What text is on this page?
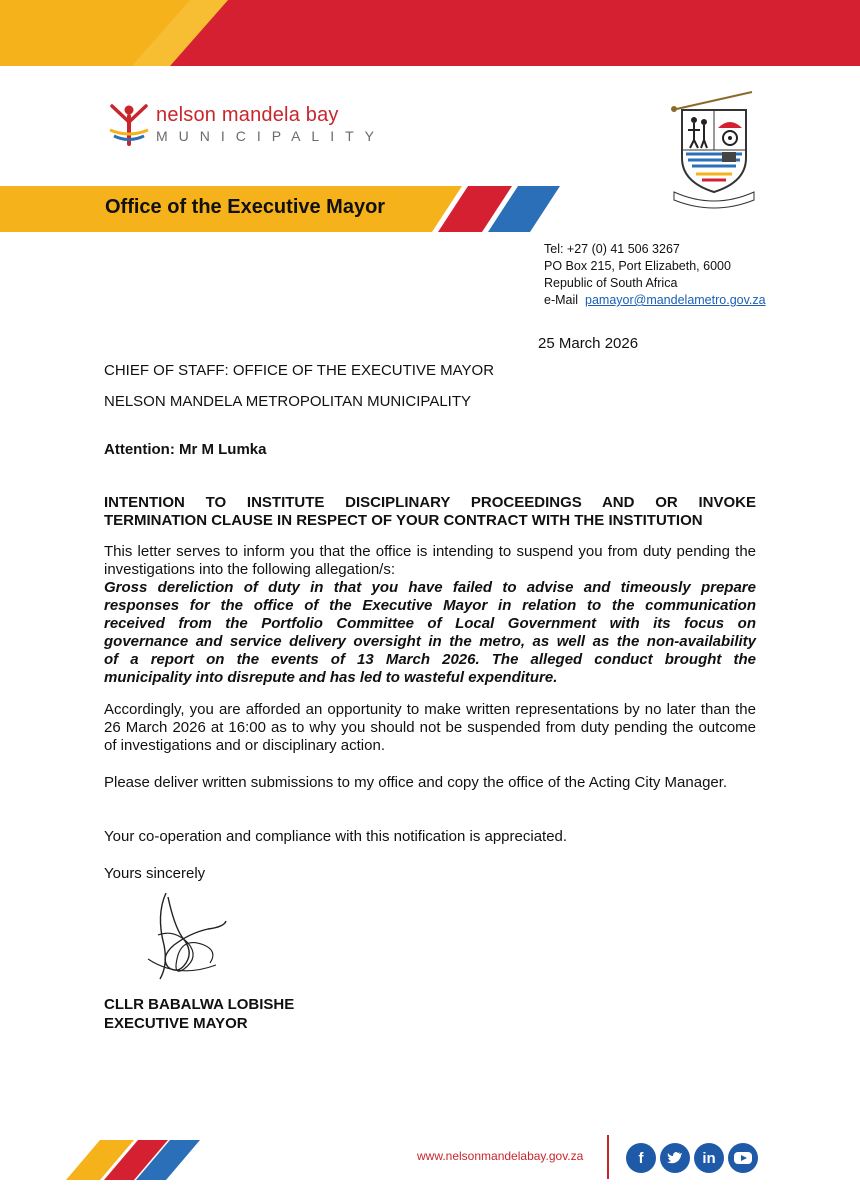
nelson mandela bay
MUNICIPALITY
Office of the Executive Mayor
Tel: +27 (0) 41 506 3267
PO Box 215, Port Elizabeth, 6000
Republic of South Africa
e-Mail pamayor@mandelametro.gov.za
25 March 2026
CHIEF OF STAFF: OFFICE OF THE EXECUTIVE MAYOR
NELSON MANDELA METROPOLITAN MUNICIPALITY
Attention: Mr M Lumka
INTENTION TO INSTITUTE DISCIPLINARY PROCEEDINGS AND OR INVOKE
TERMINATION CLAUSE IN RESPECT OF YOUR CONTRACT WITH THE INSTITUTION
This letter serves to inform you that the office is intending to suspend you from duty pending the investigations into the following allegation/s:
Gross dereliction of duty in that you have failed to advise and timeously prepare
responses for the office of the Executive Mayor in relation to the communication
received from the Portfolio Committee of Local Government with its focus on
governance and service delivery oversight in the metro, as well as the non-availability
of a report on the events of 13 March 2026. The alleged conduct brought the
municipality into disrepute and has led to wasteful expenditure.
Accordingly, you are afforded an opportunity to make written representations by no later than the 26 March 2026 at 16:00 as to why you should not be suspended from duty pending the outcome of investigations and or disciplinary action.
Please deliver written submissions to my office and copy the office of the Acting City Manager.
Your co-operation and compliance with this notification is appreciated.
Yours sincerely
CLLR BABALWA LOBISHE
EXECUTIVE MAYOR
www.nelsonmandelabay.gov.za	f	in
